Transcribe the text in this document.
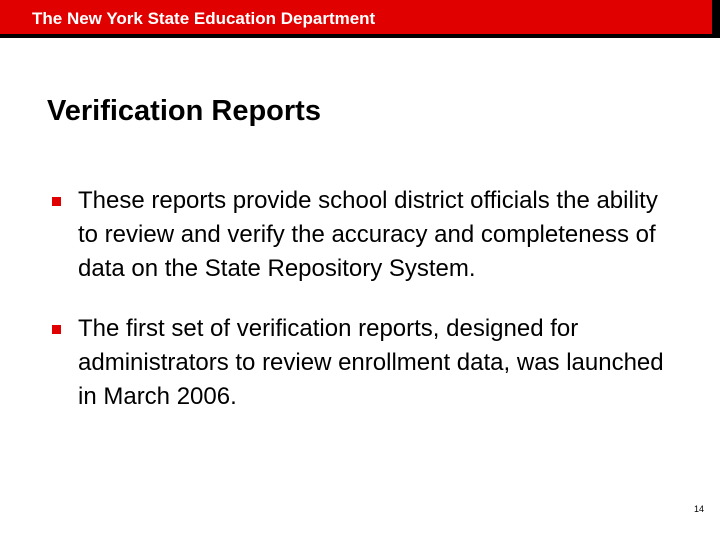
The New York State Education Department
Verification Reports
These reports provide school district officials the ability to review and verify the accuracy and completeness of data on the State Repository System.
The first set of verification reports, designed for administrators to review enrollment data, was launched in March 2006.
14
